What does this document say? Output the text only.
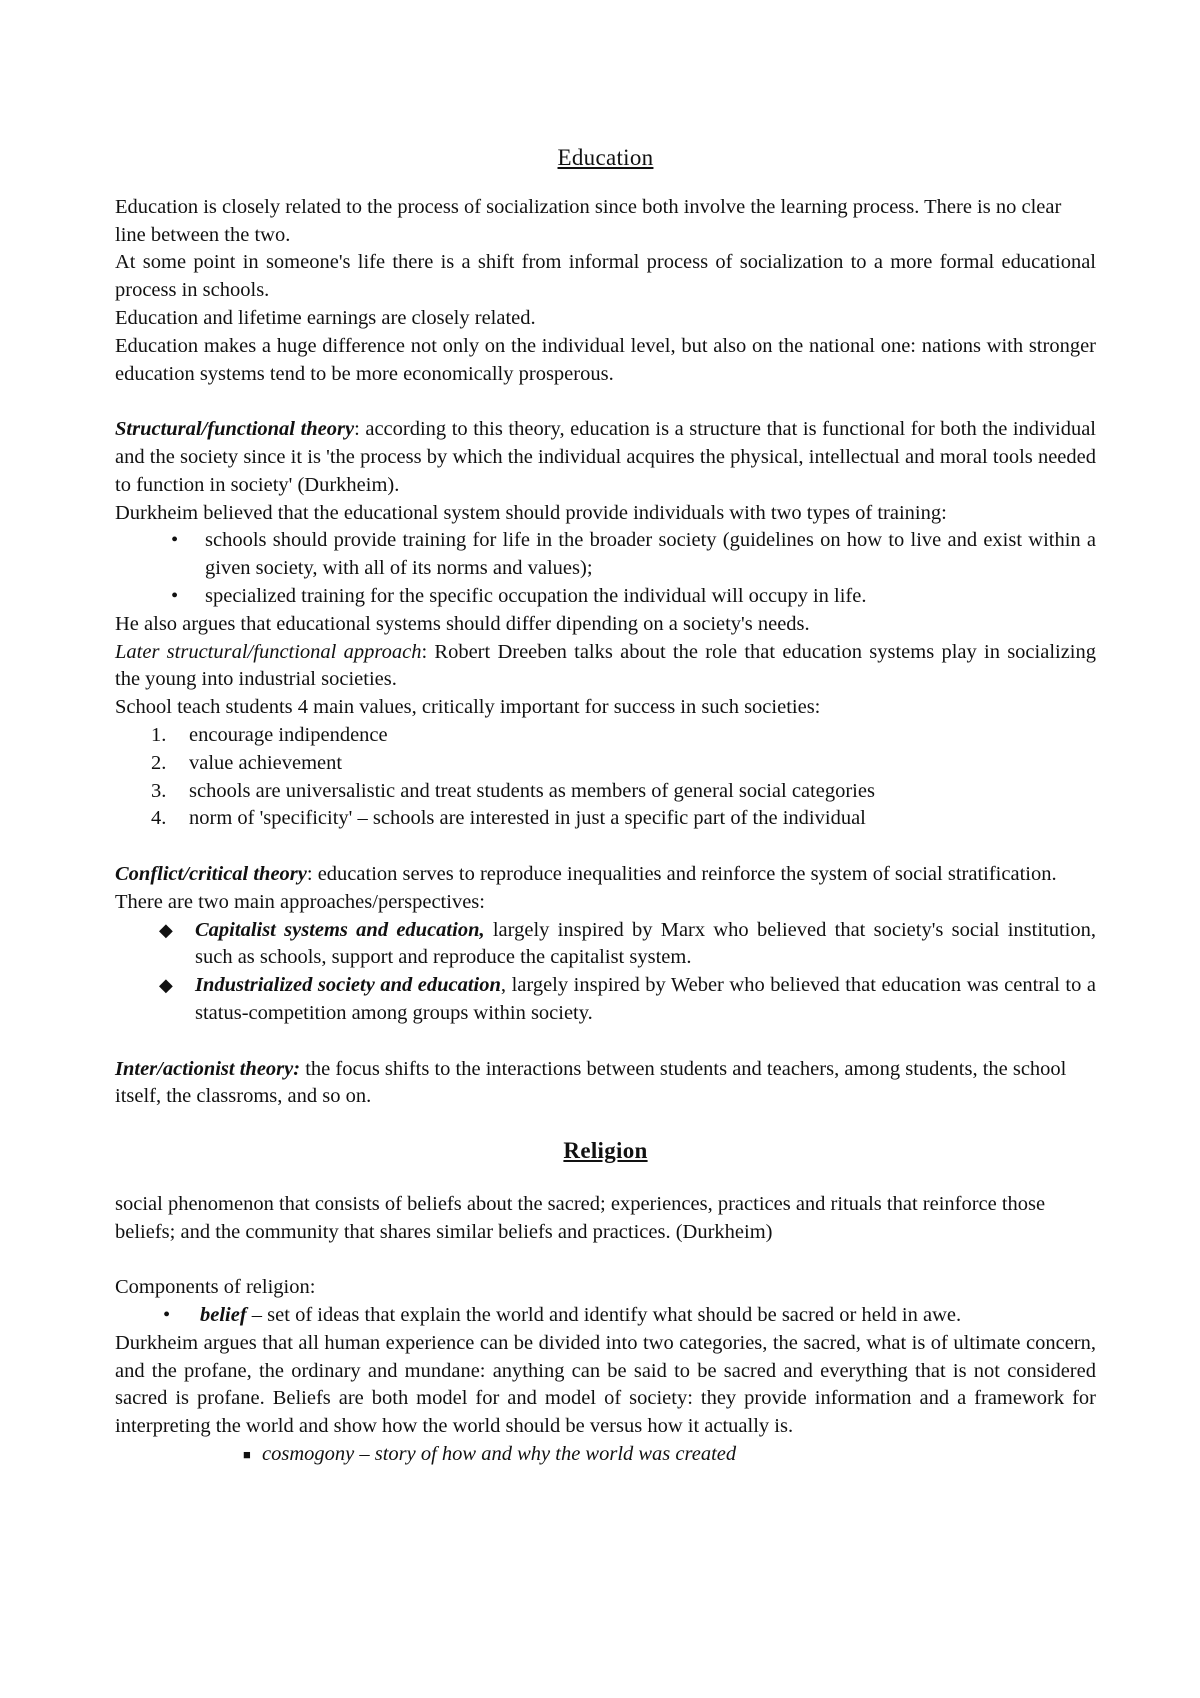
Education

Education is closely related to the process of socialization since both involve the learning process. There is no clear line between the two.

At some point in someone's life there is a shift from informal process of socialization to a more formal educational process in schools.

Education and lifetime earnings are closely related.

Education makes a huge difference not only on the individual level, but also on the national one: nations with stronger education systems tend to be more economically prosperous.

Structural/functional theory: according to this theory, education is a structure that is functional for both the individual and the society since it is 'the process by which the individual acquires the physical, intellectual and moral tools needed to function in society' (Durkheim).

Durkheim believed that the educational system should provide individuals with two types of training:

• schools should provide training for life in the broader society (guidelines on how to live and exist within a given society, with all of its norms and values);
• specialized training for the specific occupation the individual will occupy in life.

He also argues that educational systems should differ dipending on a society's needs.

Later structural/functional approach: Robert Dreeben talks about the role that education systems play in socializing the young into industrial societies.

School teach students 4 main values, critically important for success in such societies:

1. encourage indipendence
2. value achievement
3. schools are universalistic and treat students as members of general social categories
4. norm of 'specificity' – schools are interested in just a specific part of the individual

Conflict/critical theory: education serves to reproduce inequalities and reinforce the system of social stratification.

There are two main approaches/perspectives:

◆ Capitalist systems and education, largely inspired by Marx who believed that society's social institution, such as schools, support and reproduce the capitalist system.
◆ Industrialized society and education, largely inspired by Weber who believed that education was central to a status-competition among groups within society.

Inter/actionist theory: the focus shifts to the interactions between students and teachers, among students, the school itself, the classroms, and so on.

Religion

social phenomenon that consists of beliefs about the sacred; experiences, practices and rituals that reinforce those beliefs; and the community that shares similar beliefs and practices. (Durkheim)

Components of religion:

• belief – set of ideas that explain the world and identify what should be sacred or held in awe.

Durkheim argues that all human experience can be divided into two categories, the sacred, what is of ultimate concern, and the profane, the ordinary and mundane: anything can be said to be sacred and everything that is not considered sacred is profane. Beliefs are both model for and model of society: they provide information and a framework for interpreting the world and show how the world should be versus how it actually is.

■ cosmogony – story of how and why the world was created
